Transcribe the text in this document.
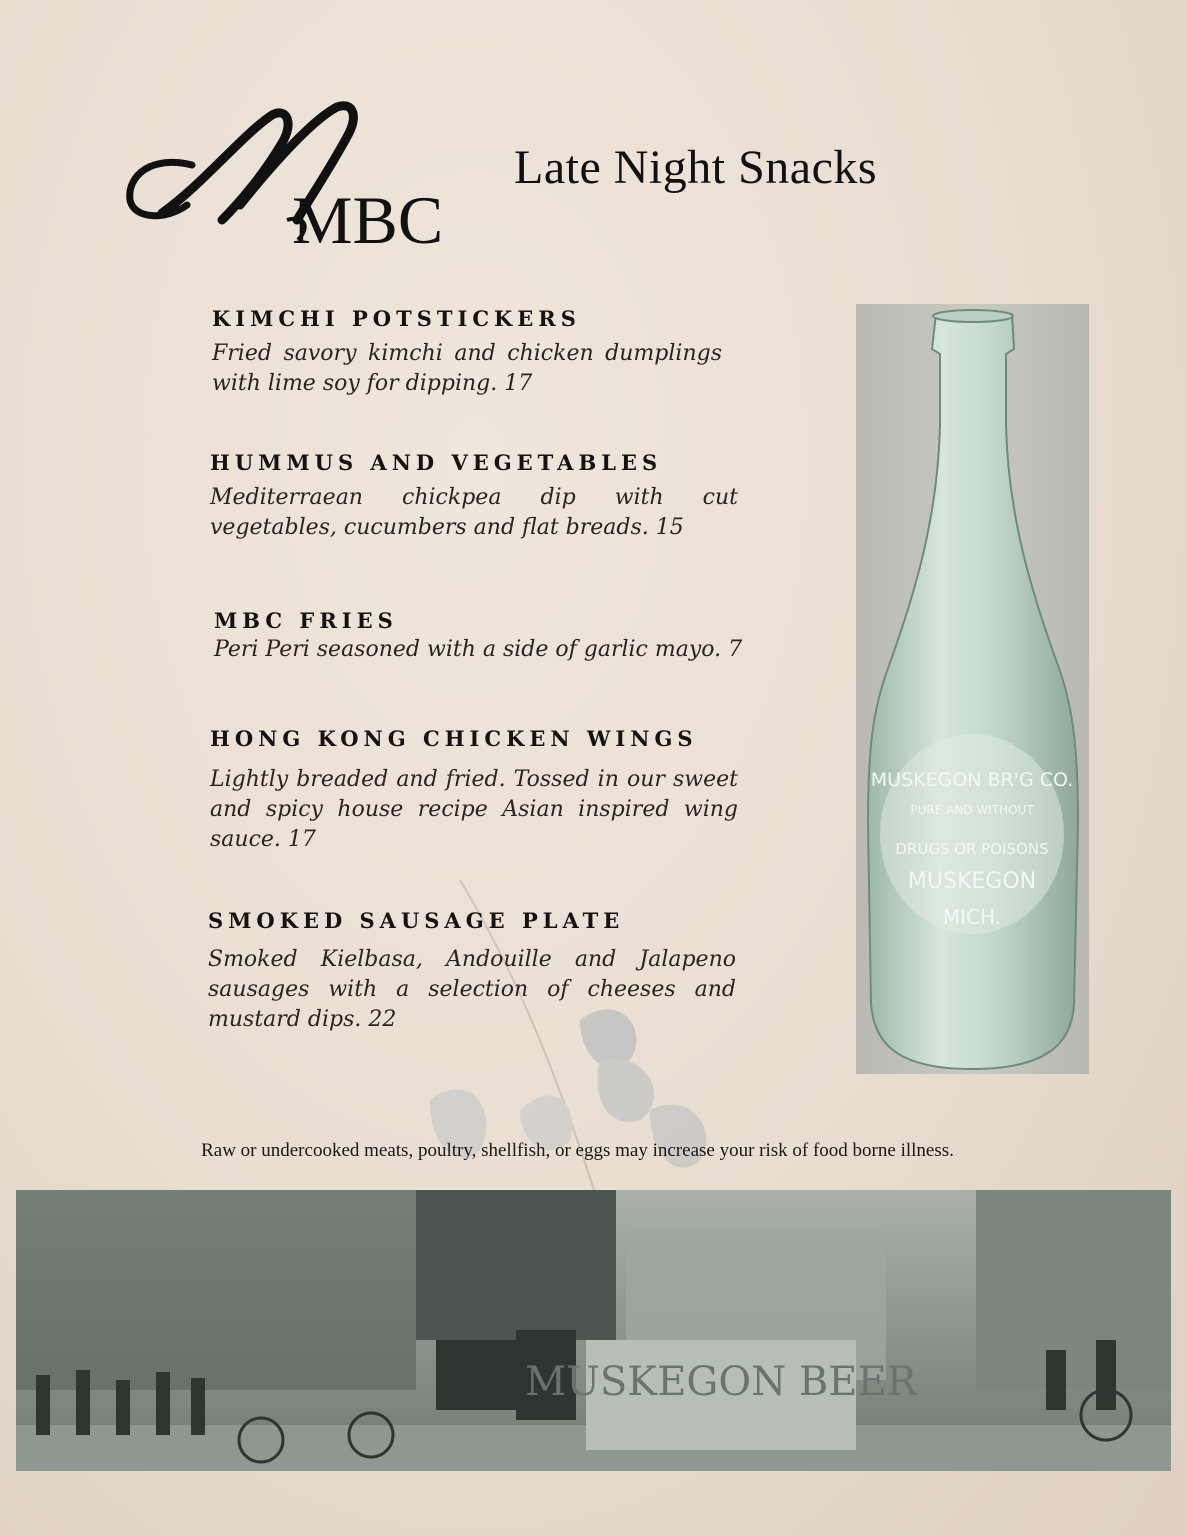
MBC
Late Night Snacks
KIMCHI POTSTICKERS
Fried savory kimchi and chicken dumplings with lime soy for dipping. 17
HUMMUS AND VEGETABLES
Mediterraean chickpea dip with cut vegetables, cucumbers and flat breads. 15
MBC FRIES
Peri Peri seasoned with a side of garlic mayo. 7
HONG KONG CHICKEN WINGS
Lightly breaded and fried. Tossed in our sweet and spicy house recipe Asian inspired wing sauce. 17
SMOKED SAUSAGE PLATE
Smoked Kielbasa, Andouille and Jalapeno sausages with a selection of cheeses and mustard dips. 22
MUSKEGON BR'G CO.
PURE AND WITHOUT
DRUGS OR POISONS
MUSKEGON
MICH.
Raw or undercooked meats, poultry, shellfish, or eggs may increase your risk of food borne illness.
MUSKEGON BEER
